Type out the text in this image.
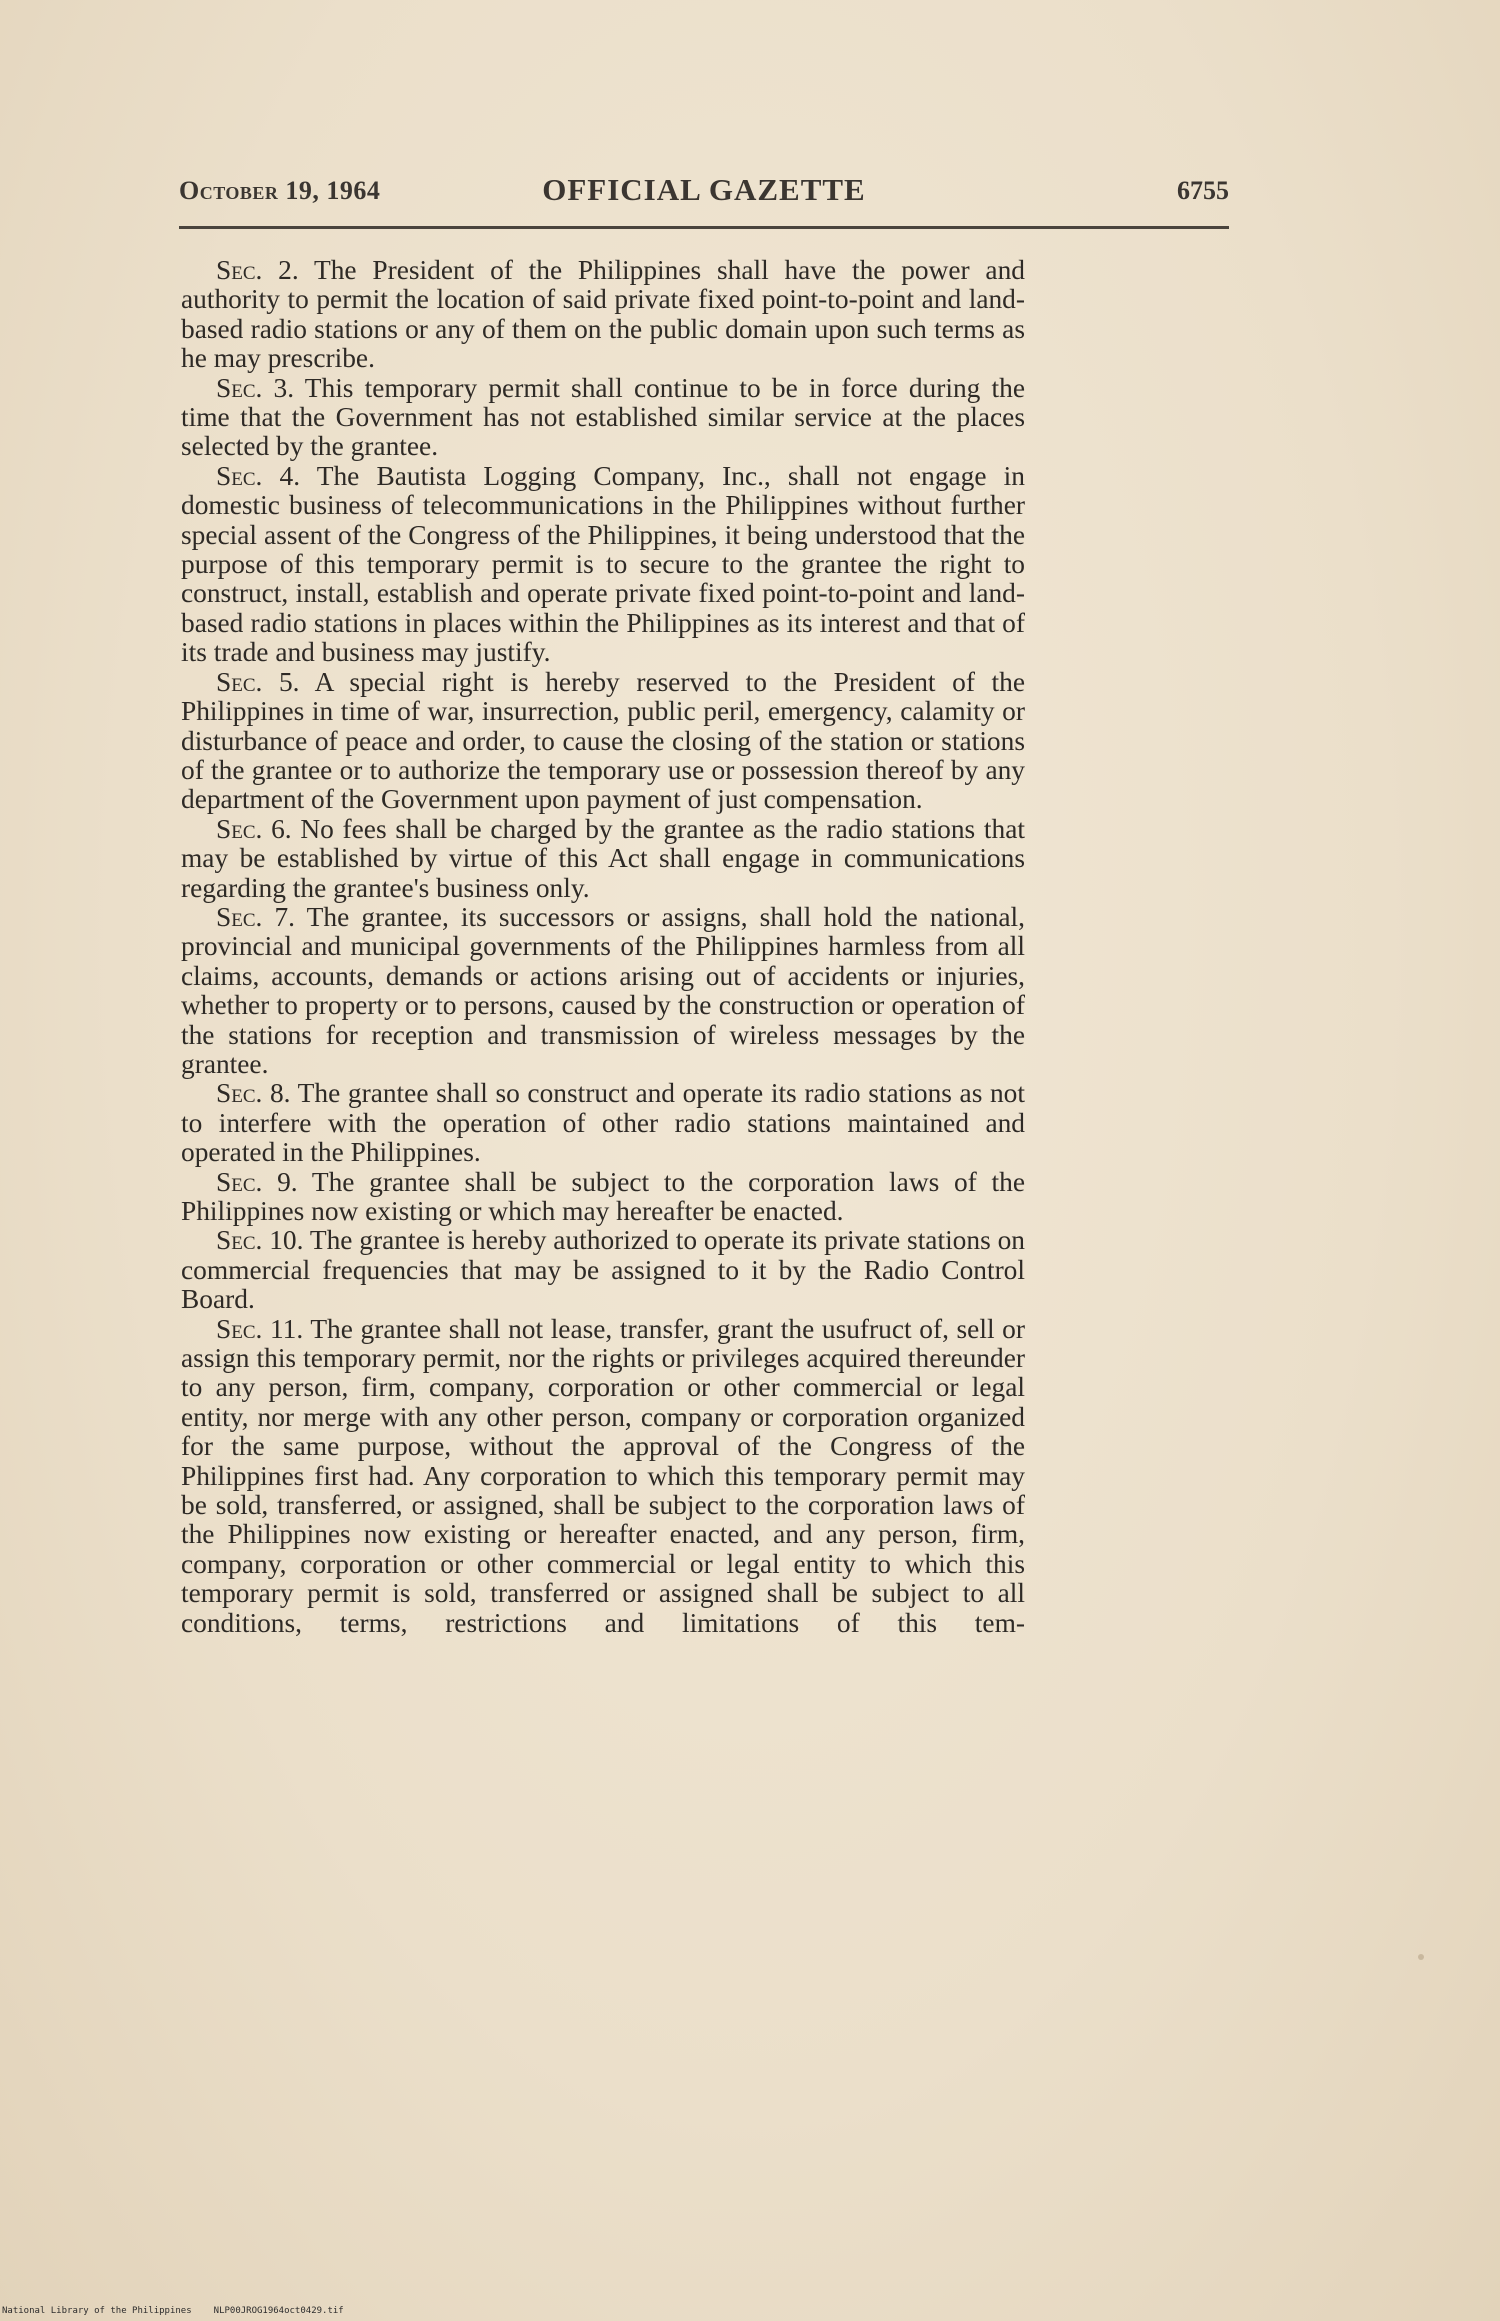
October 19, 1964	OFFICIAL GAZETTE	6755

Sec. 2. The President of the Philippines shall have the power and authority to permit the location of said private fixed point-to-point and land-based radio stations or any of them on the public domain upon such terms as he may prescribe.

Sec. 3. This temporary permit shall continue to be in force during the time that the Government has not established similar service at the places selected by the grantee.

Sec. 4. The Bautista Logging Company, Inc., shall not engage in domestic business of telecommunications in the Philippines without further special assent of the Congress of the Philippines, it being understood that the purpose of this temporary permit is to secure to the grantee the right to construct, install, establish and operate private fixed point-to-point and land-based radio stations in places within the Philippines as its interest and that of its trade and business may justify.

Sec. 5. A special right is hereby reserved to the President of the Philippines in time of war, insurrection, public peril, emergency, calamity or disturbance of peace and order, to cause the closing of the station or stations of the grantee or to authorize the temporary use or possession thereof by any department of the Government upon payment of just compensation.

Sec. 6. No fees shall be charged by the grantee as the radio stations that may be established by virtue of this Act shall engage in communications regarding the grantee's business only.

Sec. 7. The grantee, its successors or assigns, shall hold the national, provincial and municipal governments of the Philippines harmless from all claims, accounts, demands or actions arising out of accidents or injuries, whether to property or to persons, caused by the construction or operation of the stations for reception and transmission of wireless messages by the grantee.

Sec. 8. The grantee shall so construct and operate its radio stations as not to interfere with the operation of other radio stations maintained and operated in the Philippines.

Sec. 9. The grantee shall be subject to the corporation laws of the Philippines now existing or which may hereafter be enacted.

Sec. 10. The grantee is hereby authorized to operate its private stations on commercial frequencies that may be assigned to it by the Radio Control Board.

Sec. 11. The grantee shall not lease, transfer, grant the usufruct of, sell or assign this temporary permit, nor the rights or privileges acquired thereunder to any person, firm, company, corporation or other commercial or legal entity, nor merge with any other person, company or corporation organized for the same purpose, without the approval of the Congress of the Philippines first had. Any corporation to which this temporary permit may be sold, transferred, or assigned, shall be subject to the corporation laws of the Philippines now existing or hereafter enacted, and any person, firm, company, corporation or other commercial or legal entity to which this temporary permit is sold, transferred or assigned shall be subject to all conditions, terms, restrictions and limitations of this tem-

National Library of the Philippines NLP00JROG1964oct0429.tif
